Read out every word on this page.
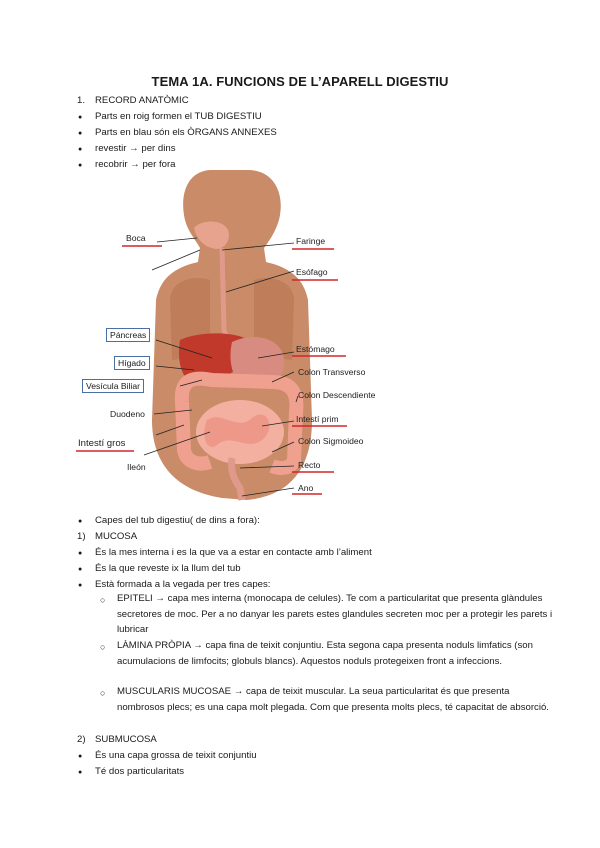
TEMA 1A. FUNCIONS DE L’APARELL DIGESTIU
1. RECORD ANATÒMIC
●
Parts en roig formen el TUB DIGESTIU
●
Parts en blau són els ÒRGANS ANNEXES
●
revestir → per dins
●
recobrir → per fora
Boca	Faringe
Esófago
Páncreas
Hígado
Vesícula Biliar
Estómago
Colon Transverso
Colon Descendiente
Duodeno	Intestí prim
Intestí gros	Colon Sigmoideo
Ileón	Recto
Ano
●
Capes del tub digestiu( de dins a fora):
1) MUCOSA
●
És la mes interna i es la que va a estar en contacte amb l’aliment
●
És la que reveste ix la llum del tub
●
Està formada a la vegada per tres capes:
○ EPITELI → capa mes interna (monocapa de celules). Te com a particularitat que presenta glàndules secretores de moc. Per a no danyar les parets estes glandules secreten moc per a protegir les parets i lubricar
○ LÀMINA PRÒPIA → capa fina de teixit conjuntiu. Esta segona capa presenta noduls limfatics (son acumulacions de limfocits; globuls blancs). Aquestos noduls protegeixen front a infeccions.
○ MUSCULARIS MUCOSAE → capa de teixit muscular. La seua particularitat és que presenta nombrosos plecs; es una capa molt plegada. Com que presenta molts plecs, té capacitat de absorció.
2) SUBMUCOSA
●
És una capa grossa de teixit conjuntiu
●
Té dos particularitats
